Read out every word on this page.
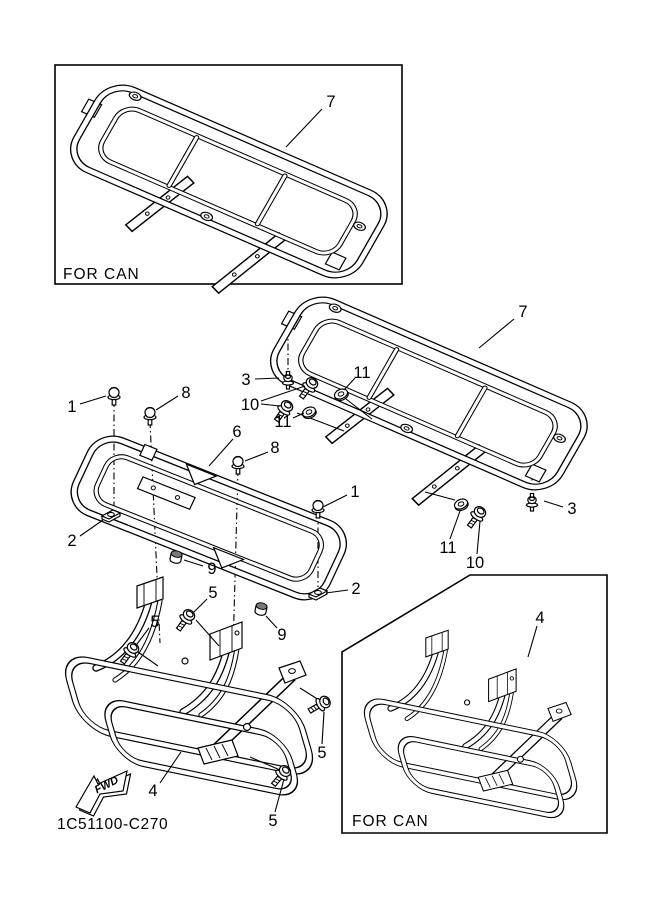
7
7
3
10
11
11
1
8
6
8
1
2
2
9
5
5
9
11
10
3
5
5
4
4
FOR CAN
FOR CAN
FWD
1C51100-C270
